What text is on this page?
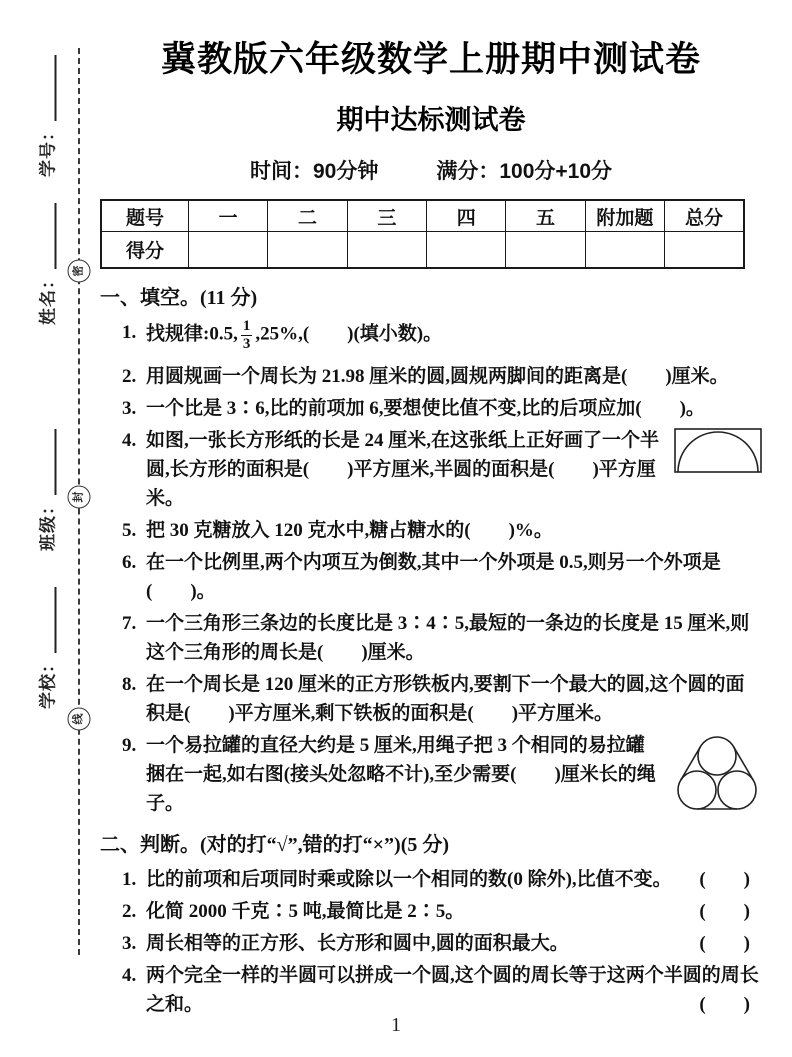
学号：
姓名：
班级：
学校：
密
封
线
冀教版六年级数学上册期中测试卷
期中达标测试卷
时间：90分钟	满分：100分+10分
题号	一	二	三	四	五	附加题	总分
得分							
一、填空。(11 分)
1. 找规律:0.5, $\frac{1}{3} ,25\%$,(　　)(填小数)。
2. 用圆规画一个周长为 21.98 厘米的圆,圆规两脚间的距离是(　　)厘米。
3. 一个比是 3∶6,比的前项加 6,要想使比值不变,比的后项应加(　　)。
4. 如图,一张长方形纸的长是 24 厘米,在这张纸上正好画了一个半圆,长方形的面积是(　　)平方厘米,半圆的面积是(　　)平方厘米。
5. 把 30 克糖放入 120 克水中,糖占糖水的(　　)%。
6. 在一个比例里,两个内项互为倒数,其中一个外项是 0.5,则另一个外项是(　　)。
7. 一个三角形三条边的长度比是 3∶4∶5,最短的一条边的长度是 15 厘米,则这个三角形的周长是(　　)厘米。
8. 在一个周长是 120 厘米的正方形铁板内,要割下一个最大的圆,这个圆的面积是(　　)平方厘米,剩下铁板的面积是(　　)平方厘米。
9. 一个易拉罐的直径大约是 5 厘米,用绳子把 3 个相同的易拉罐捆在一起,如右图(接头处忽略不计),至少需要(　　)厘米长的绳子。
二、判断。(对的打“√”,错的打“×”)(5 分)
1. 比的前项和后项同时乘或除以一个相同的数(0 除外),比值不变。 (　　)
2. 化简 2000 千克∶5 吨,最简比是 2∶5。	(　　)
3. 周长相等的正方形、长方形和圆中,圆的面积最大。	(　　)
4. 两个完全一样的半圆可以拼成一个圆,这个圆的周长等于这两个半圆的周长之和。	(　　)
1
